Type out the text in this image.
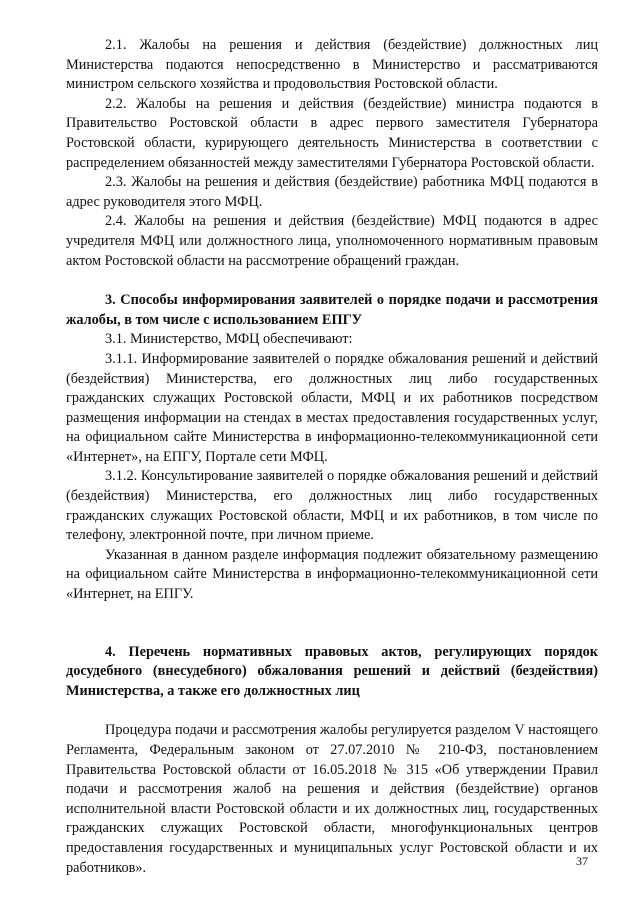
2.1. Жалобы на решения и действия (бездействие) должностных лиц Министерства подаются непосредственно в Министерство и рассматриваются министром сельского хозяйства и продовольствия Ростовской области.

2.2. Жалобы на решения и действия (бездействие) министра подаются в Правительство Ростовской области в адрес первого заместителя Губернатора Ростовской области, курирующего деятельность Министерства в соответствии с распределением обязанностей между заместителями Губернатора Ростовской области.

2.3. Жалобы на решения и действия (бездействие) работника МФЦ подаются в адрес руководителя этого МФЦ.

2.4. Жалобы на решения и действия (бездействие) МФЦ подаются в адрес учредителя МФЦ или должностного лица, уполномоченного нормативным правовым актом Ростовской области на рассмотрение обращений граждан.

3. Способы информирования заявителей о порядке подачи и рассмотрения жалобы, в том числе с использованием ЕПГУ

3.1. Министерство, МФЦ обеспечивают:

3.1.1. Информирование заявителей о порядке обжалования решений и действий (бездействия) Министерства, его должностных лиц либо государственных гражданских служащих Ростовской области, МФЦ и их работников посредством размещения информации на стендах в местах предоставления государственных услуг, на официальном сайте Министерства в информационно-телекоммуникационной сети «Интернет», на ЕПГУ, Портале сети МФЦ.

3.1.2. Консультирование заявителей о порядке обжалования решений и действий (бездействия) Министерства, его должностных лиц либо государственных гражданских служащих Ростовской области, МФЦ и их работников, в том числе по телефону, электронной почте, при личном приеме.

Указанная в данном разделе информация подлежит обязательному размещению на официальном сайте Министерства в информационно-телекоммуникационной сети «Интернет, на ЕПГУ.

4. Перечень нормативных правовых актов, регулирующих порядок досудебного (внесудебного) обжалования решений и действий (бездействия) Министерства, а также его должностных лиц

Процедура подачи и рассмотрения жалобы регулируется разделом V настоящего Регламента, Федеральным законом от 27.07.2010 № 210-ФЗ, постановлением Правительства Ростовской области от 16.05.2018 № 315 «Об утверждении Правил подачи и рассмотрения жалоб на решения и действия (бездействие) органов исполнительной власти Ростовской области и их должностных лиц, государственных гражданских служащих Ростовской области, многофункциональных центров предоставления государственных и муниципальных услуг Ростовской области и их работников».	37
